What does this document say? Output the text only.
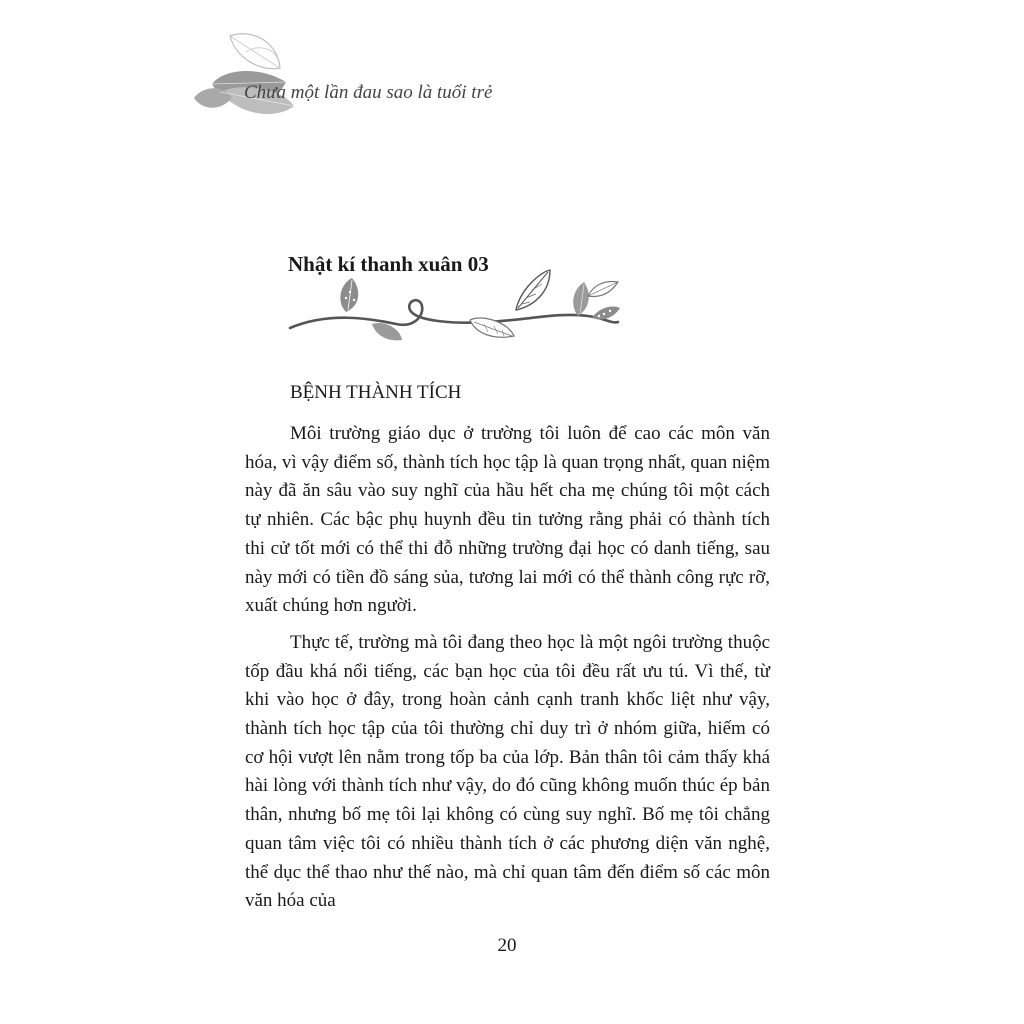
Chưa một lần đau sao là tuổi trẻ
Nhật kí thanh xuân 03
BỆNH THÀNH TÍCH

Môi trường giáo dục ở trường tôi luôn để cao các môn văn hóa, vì vậy điểm số, thành tích học tập là quan trọng nhất, quan niệm này đã ăn sâu vào suy nghĩ của hầu hết cha mẹ chúng tôi một cách tự nhiên. Các bậc phụ huynh đều tin tưởng rằng phải có thành tích thi cử tốt mới có thể thi đỗ những trường đại học có danh tiếng, sau này mới có tiền đồ sáng sủa, tương lai mới có thể thành công rực rỡ, xuất chúng hơn người.

Thực tế, trường mà tôi đang theo học là một ngôi trường thuộc tốp đầu khá nổi tiếng, các bạn học của tôi đều rất ưu tú. Vì thế, từ khi vào học ở đây, trong hoàn cảnh cạnh tranh khốc liệt như vậy, thành tích học tập của tôi thường chỉ duy trì ở nhóm giữa, hiếm có cơ hội vượt lên nằm trong tốp ba của lớp. Bản thân tôi cảm thấy khá hài lòng với thành tích như vậy, do đó cũng không muốn thúc ép bản thân, nhưng bố mẹ tôi lại không có cùng suy nghĩ. Bố mẹ tôi chẳng quan tâm việc tôi có nhiều thành tích ở các phương diện văn nghệ, thể dục thể thao như thế nào, mà chỉ quan tâm đến điểm số các môn văn hóa của

20
